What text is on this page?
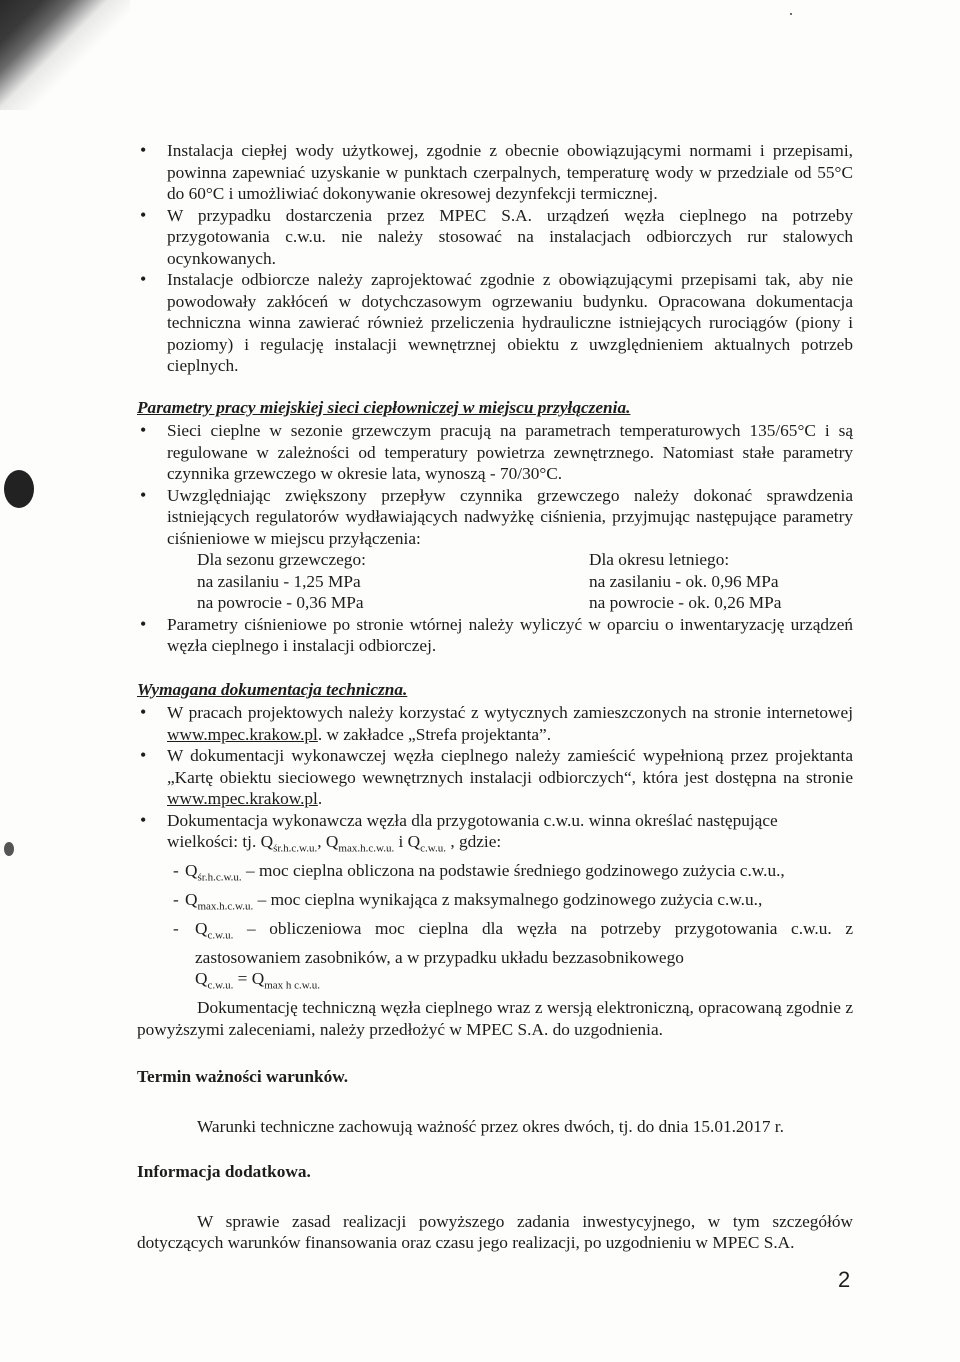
·
• Instalacja ciepłej wody użytkowej, zgodnie z obecnie obowiązującymi normami i przepisami, powinna zapewniać uzyskanie w punktach czerpalnych, temperaturę wody w przedziale od 55°C do 60°C i umożliwiać dokonywanie okresowej dezynfekcji termicznej.
• W przypadku dostarczenia przez MPEC S.A. urządzeń węzła cieplnego na potrzeby przygotowania c.w.u. nie należy stosować na instalacjach odbiorczych rur stalowych ocynkowanych.
• Instalacje odbiorcze należy zaprojektować zgodnie z obowiązującymi przepisami tak, aby nie powodowały zakłóceń w dotychczasowym ogrzewaniu budynku. Opracowana dokumentacja techniczna winna zawierać również przeliczenia hydrauliczne istniejących rurociągów (piony i poziomy) i regulację instalacji wewnętrznej obiektu z uwzględnieniem aktualnych potrzeb cieplnych.
Parametry pracy miejskiej sieci ciepłowniczej w miejscu przyłączenia.
• Sieci cieplne w sezonie grzewczym pracują na parametrach temperaturowych 135/65°C i są regulowane w zależności od temperatury powietrza zewnętrznego. Natomiast stałe parametry czynnika grzewczego w okresie lata, wynoszą - 70/30°C.
• Uwzględniając zwiększony przepływ czynnika grzewczego należy dokonać sprawdzenia istniejących regulatorów wydławiających nadwyżkę ciśnienia, przyjmując następujące parametry ciśnieniowe w miejscu przyłączenia:
Dla sezonu grzewczego:
na zasilaniu - 1,25 MPa
na powrocie - 0,36 MPa
Dla okresu letniego:
na zasilaniu - ok. 0,96 MPa
na powrocie - ok. 0,26 MPa
• Parametry ciśnieniowe po stronie wtórnej należy wyliczyć w oparciu o inwentaryzację urządzeń węzła cieplnego i instalacji odbiorczej.
Wymagana dokumentacja techniczna.
• W pracach projektowych należy korzystać z wytycznych zamieszczonych na stronie internetowej www.mpec.krakow.pl. w zakładce „Strefa projektanta”.
• W dokumentacji wykonawczej węzła cieplnego należy zamieścić wypełnioną przez projektanta „Kartę obiektu sieciowego wewnętrznych instalacji odbiorczych“, która jest dostępna na stronie www.mpec.krakow.pl.
• Dokumentacja wykonawcza węzła dla przygotowania c.w.u. winna określać następujące
wielkości: tj. $Q_{śr.h.c.w.u.}$, $Q_{max.h.c.w.u.}$ i $Q_{c.w.u.}$ , gdzie:
- $Q_{śr.h.c.w.u.}$ – moc cieplna obliczona na podstawie średniego godzinowego zużycia c.w.u.,
- $Q_{max.h.c.w.u.}$ – moc cieplna wynikająca z maksymalnego godzinowego zużycia c.w.u.,
- $Q_{c.w.u.}$ – obliczeniowa moc cieplna dla węzła na potrzeby przygotowania c.w.u. z zastosowaniem zasobników, a w przypadku układu bezzasobnikowego
$Q_{c.w.u.} = Q_{max h c.w.u.}$
Dokumentację techniczną węzła cieplnego wraz z wersją elektroniczną, opracowaną zgodnie z powyższymi zaleceniami, należy przedłożyć w MPEC S.A. do uzgodnienia.
Termin ważności warunków.
Warunki techniczne zachowują ważność przez okres dwóch, tj. do dnia 15.01.2017 r.
Informacja dodatkowa.
W sprawie zasad realizacji powyższego zadania inwestycyjnego, w tym szczegółów dotyczących warunków finansowania oraz czasu jego realizacji, po uzgodnieniu w MPEC S.A.
2
